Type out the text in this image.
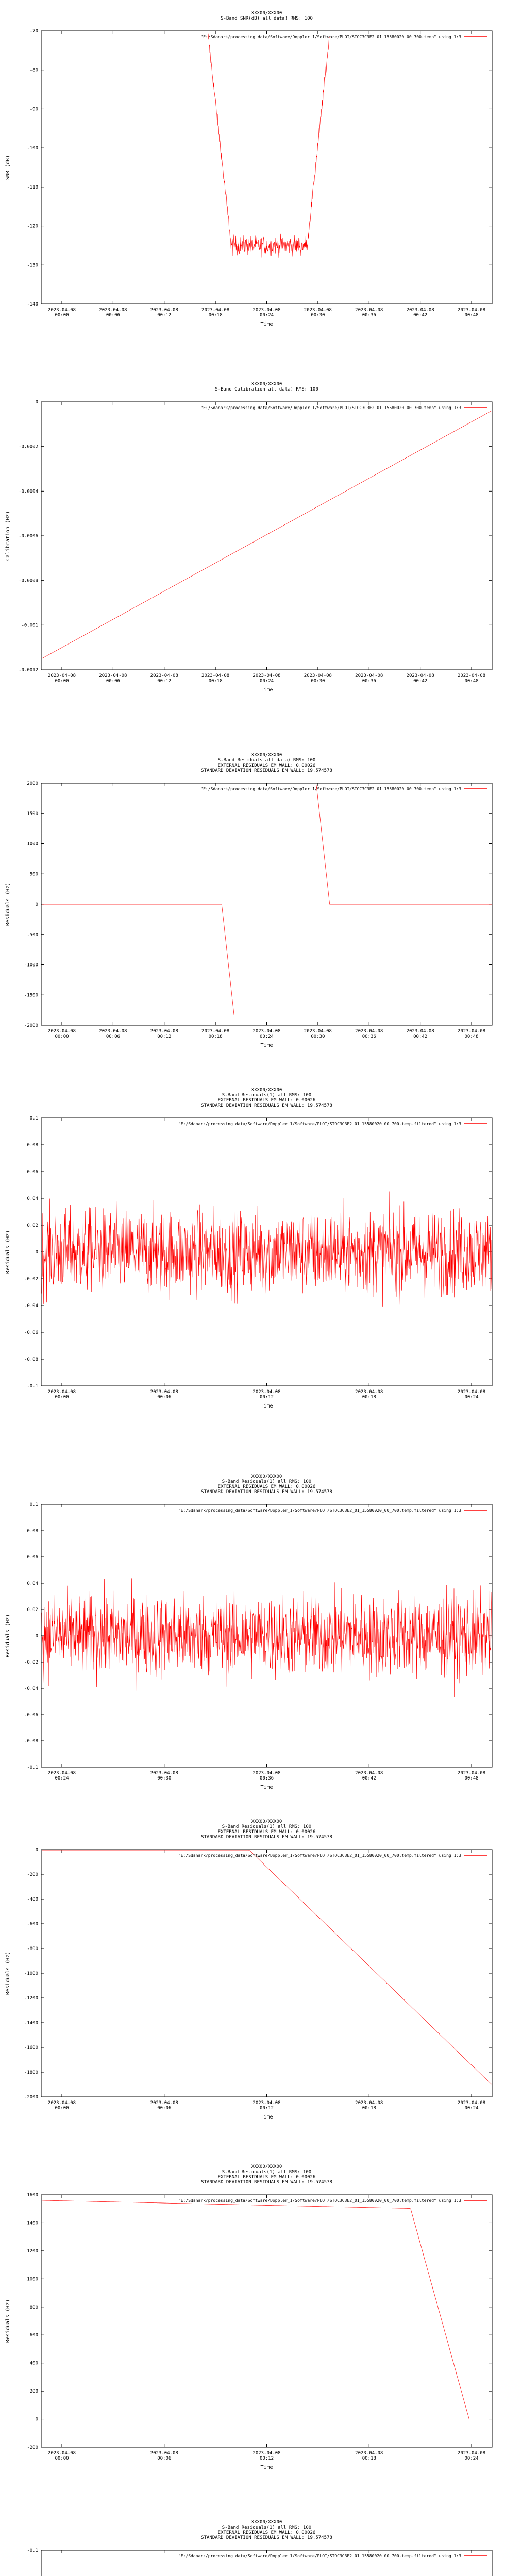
XXX00/XXX00
S-Band SNR(dB) all data) RMS: 100
-70
-80
-90
-100
-110
-120
-130
-140
2023-04-08
00:00
2023-04-08
00:06
2023-04-08
00:12
2023-04-08
00:18
2023-04-08
00:24
2023-04-08
00:30
2023-04-08
00:36
2023-04-08
00:42
2023-04-08
00:48
Time
SNR (dB)
"E:/Sdanark/processing_data/Software/Doppler_1/Software/PLOT/STOC3C3E2_01_15580020_00_700.temp" using 1:3
XXX00/XXX00
S-Band Calibration all data) RMS: 100
0
-0.0002
-0.0004
-0.0006
-0.0008
-0.001
-0.0012
2023-04-08
00:00
2023-04-08
00:06
2023-04-08
00:12
2023-04-08
00:18
2023-04-08
00:24
2023-04-08
00:30
2023-04-08
00:36
2023-04-08
00:42
2023-04-08
00:48
Time
Calibration (Hz)
"E:/Sdanark/processing_data/Software/Doppler_1/Software/PLOT/STOC3C3E2_01_15580020_00_700.temp" using 1:3
XXX00/XXX00
S-Band Residuals all data) RMS: 100
EXTERNAL RESIDUALS EM WALL: 0.00026
STANDARD DEVIATION RESIDUALS EM WALL: 19.574578
2000
1500
1000
500
0
-500
-1000
-1500
-2000
2023-04-08
00:00
2023-04-08
00:06
2023-04-08
00:12
2023-04-08
00:18
2023-04-08
00:24
2023-04-08
00:30
2023-04-08
00:36
2023-04-08
00:42
2023-04-08
00:48
Time
Residuals (Hz)
"E:/Sdanark/processing_data/Software/Doppler_1/Software/PLOT/STOC3C3E2_01_15580020_00_700.temp" using 1:3
XXX00/XXX00
S-Band Residuals(1) all RMS: 100
EXTERNAL RESIDUALS EM WALL: 0.00026
STANDARD DEVIATION RESIDUALS EM WALL: 19.574578
0.1
0.08
0.06
0.04
0.02
0
-0.02
-0.04
-0.06
-0.08
-0.1
2023-04-08
00:00
2023-04-08
00:06
2023-04-08
00:12
2023-04-08
00:18
2023-04-08
00:24
Time
Residuals (Hz)
"E:/Sdanark/processing_data/Software/Doppler_1/Software/PLOT/STOC3C3E2_01_15580020_00_700.temp.filtered" using 1:3
XXX00/XXX00
S-Band Residuals(1) all RMS: 100
EXTERNAL RESIDUALS EM WALL: 0.00026
STANDARD DEVIATION RESIDUALS EM WALL: 19.574578
0.1
0.08
0.06
0.04
0.02
0
-0.02
-0.04
-0.06
-0.08
-0.1
2023-04-08
00:24
2023-04-08
00:30
2023-04-08
00:36
2023-04-08
00:42
2023-04-08
00:48
Time
Residuals (Hz)
"E:/Sdanark/processing_data/Software/Doppler_1/Software/PLOT/STOC3C3E2_01_15580020_00_700.temp.filtered" using 1:3
XXX00/XXX00
S-Band Residuals(1) all RMS: 100
EXTERNAL RESIDUALS EM WALL: 0.00026
STANDARD DEVIATION RESIDUALS EM WALL: 19.574578
0
-200
-400
-600
-800
-1000
-1200
-1400
-1600
-1800
-2000
2023-04-08
00:00
2023-04-08
00:06
2023-04-08
00:12
2023-04-08
00:18
2023-04-08
00:24
Time
Residuals (Hz)
"E:/Sdanark/processing_data/Software/Doppler_1/Software/PLOT/STOC3C3E2_01_15580020_00_700.temp.filtered" using 1:3
XXX00/XXX00
S-Band Residuals(1) all RMS: 100
EXTERNAL RESIDUALS EM WALL: 0.00026
STANDARD DEVIATION RESIDUALS EM WALL: 19.574578
1600
1400
1200
1000
800
600
400
200
0
-200
2023-04-08
00:00
2023-04-08
00:06
2023-04-08
00:12
2023-04-08
00:18
2023-04-08
00:24
Time
Residuals (Hz)
"E:/Sdanark/processing_data/Software/Doppler_1/Software/PLOT/STOC3C3E2_01_15580020_00_700.temp.filtered" using 1:3
XXX00/XXX00
S-Band Residuals(1) all RMS: 100
EXTERNAL RESIDUALS EM WALL: 0.00026
STANDARD DEVIATION RESIDUALS EM WALL: 19.574578
-0.1
"E:/Sdanark/processing_data/Software/Doppler_1/Software/PLOT/STOC3C3E2_01_15580020_00_700.temp.filtered" using 1:3
